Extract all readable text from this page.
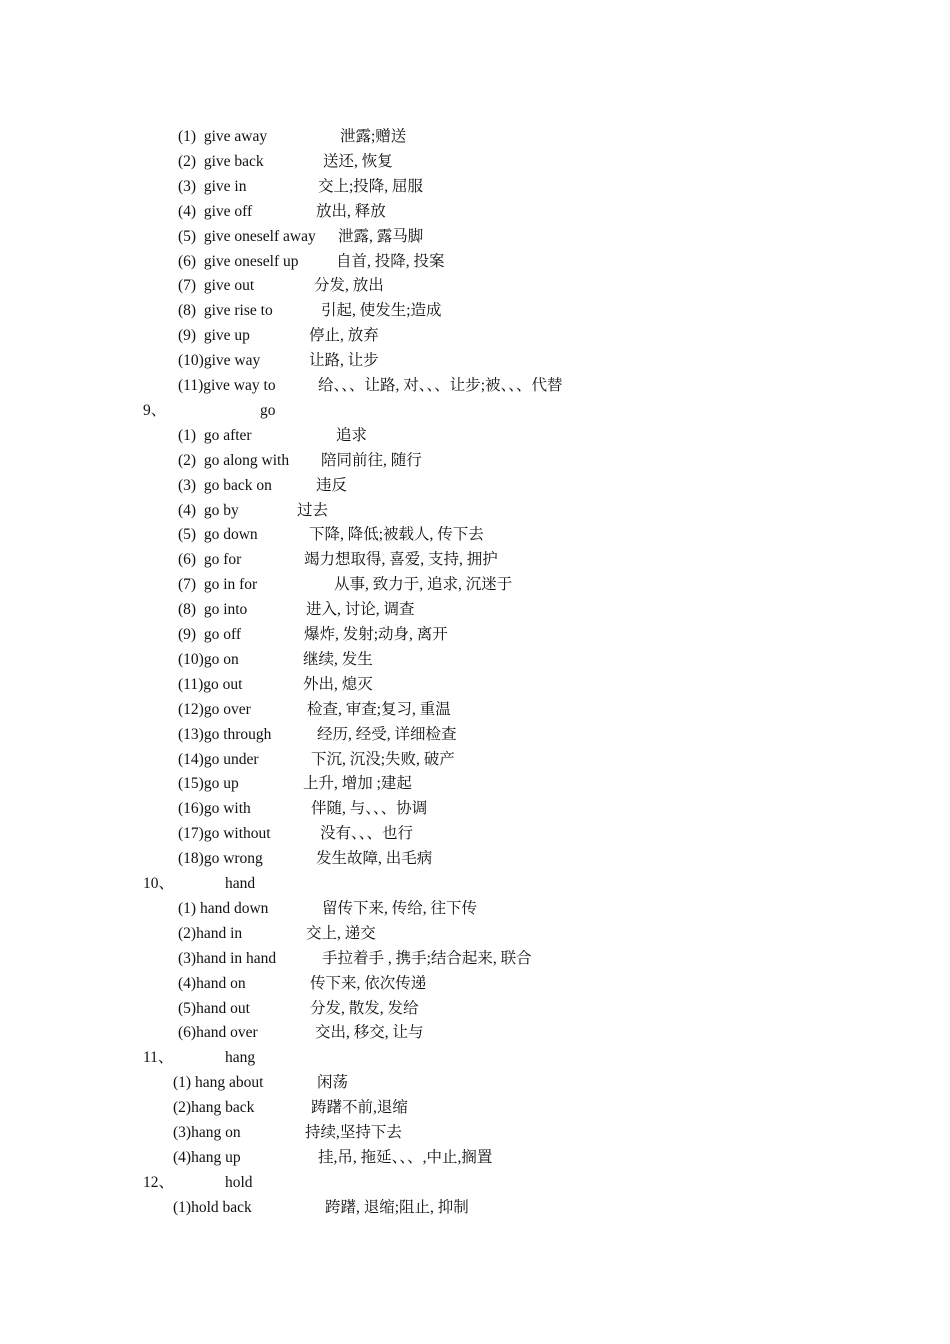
(1)  give away	泄露;赠送
(2)  give back	送还, 恢复
(3)  give in	交上;投降, 屈服
(4)  give off	放出, 释放
(5)  give oneself away 泄露, 露马脚
(6)  give oneself up 自首, 投降, 投案
(7)  give out	分发, 放出
(8)  give rise to	引起, 使发生;造成
(9)  give up	停止, 放弃
(10)give way	让路, 让步
(11)give way to	给、、、让路, 对、、、让步;被、、、代替
9、	go
(1)  go after	追求
(2)  go along with 陪同前往, 随行
(3)  go back on	违反
(4)  go by	过去
(5)  go down	下降, 降低;被载人, 传下去
(6)  go for	竭力想取得, 喜爱, 支持, 拥护
(7)  go in for	从事, 致力于, 追求, 沉迷于
(8)  go into	进入, 讨论, 调查
(9)  go off	爆炸, 发射;动身, 离开
(10)go on	继续, 发生
(11)go out	外出, 熄灭
(12)go over	检查, 审查;复习, 重温
(13)go through	经历, 经受, 详细检查
(14)go under	下沉, 沉没;失败, 破产
(15)go up	上升, 增加 ;建起
(16)go with	伴随, 与、、、协调
(17)go without	没有、、、也行
(18)go wrong	发生故障, 出毛病
10、	hand
(1) hand down	留传下来, 传给, 往下传
(2)hand in	交上, 递交
(3)hand in hand	手拉着手 , 携手;结合起来, 联合
(4)hand on	传下来, 依次传递
(5)hand out	分发, 散发, 发给
(6)hand over	交出, 移交, 让与
11、	hang
(1) hang about	闲荡
(2)hang back	踌躇不前,退缩
(3)hang on	持续,坚持下去
(4)hang up	挂,吊, 拖延、、、,中止,搁置
12、	hold
(1)hold back	跨躇, 退缩;阻止, 抑制
